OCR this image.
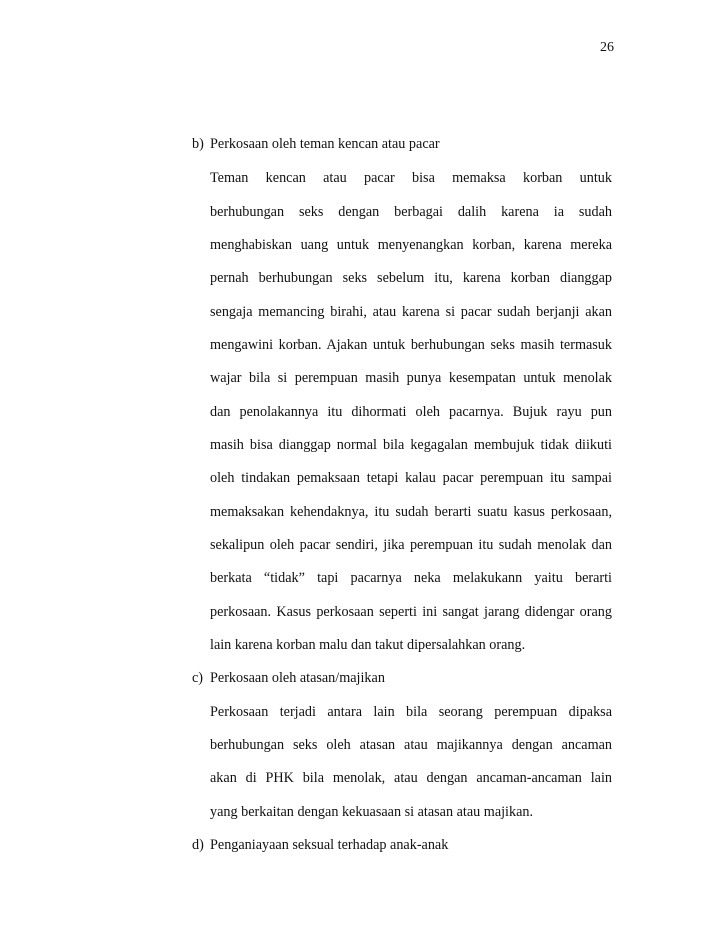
26
b) Perkosaan oleh teman kencan atau pacar
Teman kencan atau pacar bisa memaksa korban untuk
berhubungan seks dengan berbagai dalih karena ia sudah
menghabiskan uang untuk menyenangkan korban, karena mereka
pernah berhubungan seks sebelum itu, karena korban dianggap
sengaja memancing birahi, atau karena si pacar sudah berjanji akan
mengawini korban. Ajakan untuk berhubungan seks masih termasuk
wajar bila si perempuan masih punya kesempatan untuk menolak
dan penolakannya itu dihormati oleh pacarnya. Bujuk rayu pun
masih bisa dianggap normal bila kegagalan membujuk tidak diikuti
oleh tindakan pemaksaan tetapi kalau pacar perempuan itu sampai
memaksakan kehendaknya, itu sudah berarti suatu kasus perkosaan,
sekalipun oleh pacar sendiri, jika perempuan itu sudah menolak dan
berkata “tidak” tapi pacarnya neka melakukann yaitu berarti
perkosaan. Kasus perkosaan seperti ini sangat jarang didengar orang
lain karena korban malu dan takut dipersalahkan orang.
c) Perkosaan oleh atasan/majikan
Perkosaan terjadi antara lain bila seorang perempuan dipaksa
berhubungan seks oleh atasan atau majikannya dengan ancaman
akan di PHK bila menolak, atau dengan ancaman-ancaman lain
yang berkaitan dengan kekuasaan si atasan atau majikan.
d) Penganiayaan seksual terhadap anak-anak
